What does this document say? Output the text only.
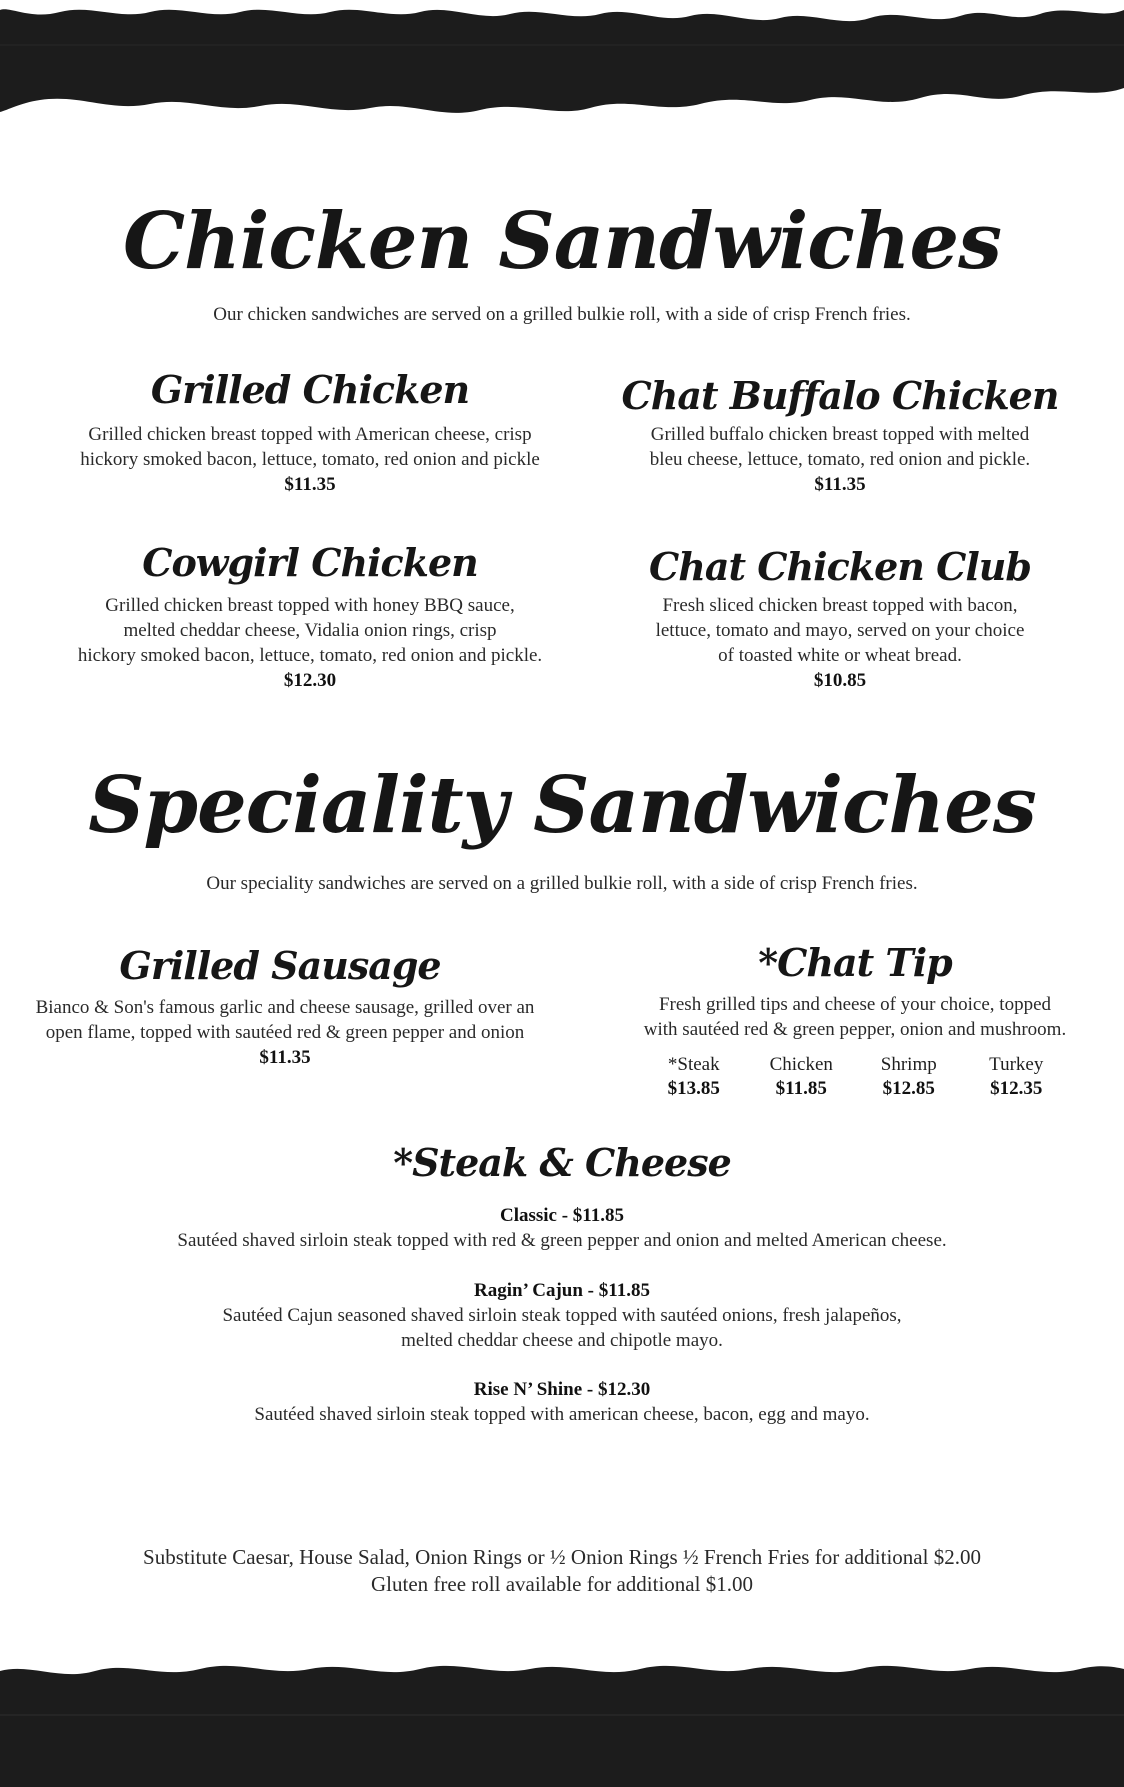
Chicken Sandwiches
Our chicken sandwiches are served on a grilled bulkie roll, with a side of crisp French fries.
Grilled Chicken
Grilled chicken breast topped with American cheese, crisp
hickory smoked bacon, lettuce, tomato, red onion and pickle
$11.35
Chat Buffalo Chicken
Grilled buffalo chicken breast topped with melted
bleu cheese, lettuce, tomato, red onion and pickle.
$11.35
Cowgirl Chicken
Grilled chicken breast topped with honey BBQ sauce,
melted cheddar cheese, Vidalia onion rings, crisp
hickory smoked bacon, lettuce, tomato, red onion and pickle.
$12.30
Chat Chicken Club
Fresh sliced chicken breast topped with bacon,
lettuce, tomato and mayo, served on your choice
of toasted white or wheat bread.
$10.85
Speciality Sandwiches
Our speciality sandwiches are served on a grilled bulkie roll, with a side of crisp French fries.
Grilled Sausage
Bianco & Son's famous garlic and cheese sausage, grilled over an
open flame, topped with sautéed red & green pepper and onion
$11.35
*Chat Tip
Fresh grilled tips and cheese of your choice, topped
with sautéed red & green pepper, onion and mushroom.
*Steak
$13.85
Chicken
$11.85
Shrimp
$12.85
Turkey
$12.35
*Steak & Cheese
Classic - $11.85
Sautéed shaved sirloin steak topped with red & green pepper and onion and melted American cheese.
Ragin’ Cajun - $11.85
Sautéed Cajun seasoned shaved sirloin steak topped with sautéed onions, fresh jalapeños,
melted cheddar cheese and chipotle mayo.
Rise N’ Shine - $12.30
Sautéed shaved sirloin steak topped with american cheese, bacon, egg and mayo.
Substitute Caesar, House Salad, Onion Rings or ½ Onion Rings ½ French Fries for additional $2.00
Gluten free roll available for additional $1.00
